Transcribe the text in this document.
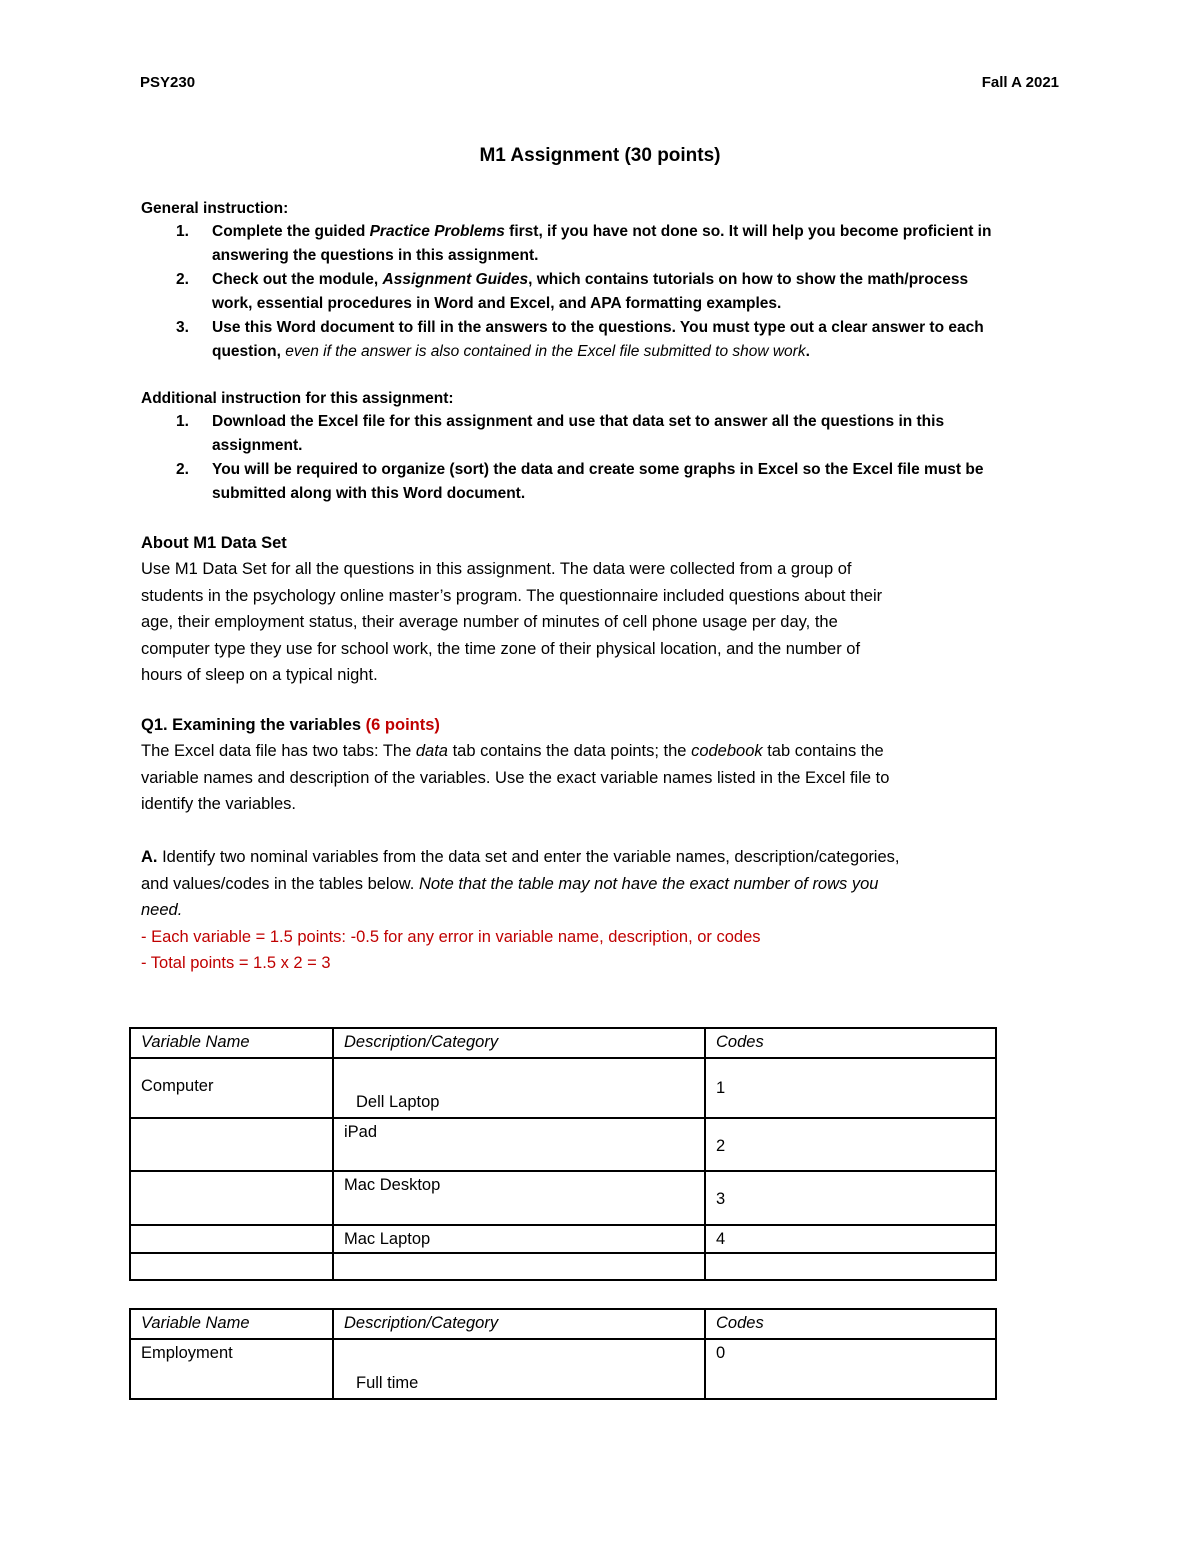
PSY230	Fall A 2021
M1 Assignment (30 points)
General instruction:
1.	Complete the guided Practice Problems first, if you have not done so. It will help you become proficient in
answering the questions in this assignment.
2.	Check out the module, Assignment Guides, which contains tutorials on how to show the math/process
work, essential procedures in Word and Excel, and APA formatting examples.
3.	Use this Word document to fill in the answers to the questions. You must type out a clear answer to each
question, even if the answer is also contained in the Excel file submitted to show work.
Additional instruction for this assignment:
1.	Download the Excel file for this assignment and use that data set to answer all the questions in this
assignment.
2.	You will be required to organize (sort) the data and create some graphs in Excel so the Excel file must be
submitted along with this Word document.
About M1 Data Set
Use M1 Data Set for all the questions in this assignment. The data were collected from a group of
students in the psychology online master’s program. The questionnaire included questions about their
age, their employment status, their average number of minutes of cell phone usage per day, the
computer type they use for school work, the time zone of their physical location, and the number of
hours of sleep on a typical night.
Q1. Examining the variables (6 points)
The Excel data file has two tabs: The data tab contains the data points; the codebook tab contains the
variable names and description of the variables. Use the exact variable names listed in the Excel file to
identify the variables.
A. Identify two nominal variables from the data set and enter the variable names, description/categories,
and values/codes in the tables below. Note that the table may not have the exact number of rows you
need.
- Each variable = 1.5 points: -0.5 for any error in variable name, description, or codes
- Total points = 1.5 x 2 = 3
Variable Name	Description/Category	Codes
Computer	Dell Laptop	1
	iPad	2
	Mac Desktop	3
	Mac Laptop	4

Variable Name	Description/Category	Codes
Employment	Full time	0
